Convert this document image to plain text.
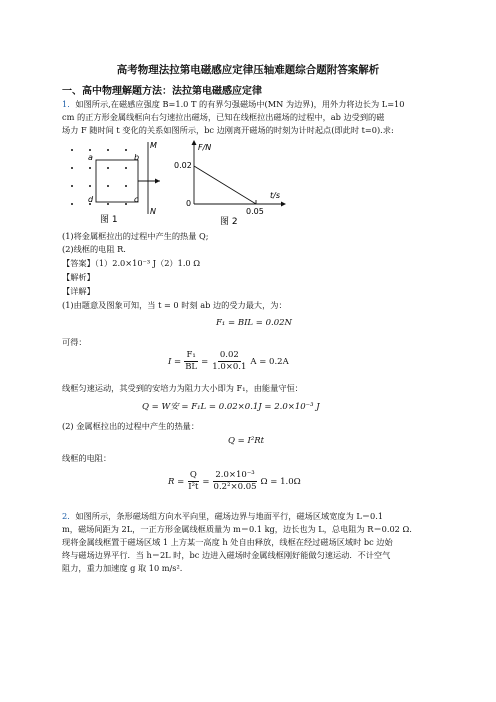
高考物理法拉第电磁感应定律压轴难题综合题附答案解析
一、高中物理解题方法：法拉第电磁感应定律
1．如图所示,在磁感应强度 B=1.0 T 的有界匀强磁场中(MN 为边界)，用外力将边长为 L=10
cm 的正方形金属线框向右匀速拉出磁场，已知在线框拉出磁场的过程中，ab 边受到的磁
场力 F 随时间 t 变化的关系如图所示，bc 边刚离开磁场的时刻为计时起点(即此时 t=0).求:
M
N
a	b
c
d
图 1
F/N
t/s
0.02
0.05
0
图 2
(1)将金属框拉出的过程中产生的热量 Q;
(2)线框的电阻 R.
【答案】（1）2.0×10⁻³ J（2）1.0 Ω
【解析】
【详解】
(1)由题意及图象可知，当 t = 0 时刻 ab 边的受力最大，为：
F₁ = BIL = 0.02N
可得：
$I = \frac{\text{F₁}}{BL} = \frac{0.02}{1.0\times 0.1}$ A = 0.2A
线框匀速运动，其受到的安培力为阻力大小即为 F₁，由能量守恒：
Q = W安 = F₁L = 0.02×0.1J = 2.0×10⁻³ J
(2) 金属框拉出的过程中产生的热量：
Q = I²Rt
线框的电阻：
$R = \frac{Q}{\text{I²t}} = \frac{\text{2.0×10⁻³}}{\text{0.2²×0.05}}$ Ω = 1.0Ω
2．如图所示，条形磁场组方向水平向里，磁场边界与地面平行，磁场区域宽度为 L＝0.1
m，磁场间距为 2L，一正方形金属线框质量为 m＝0.1 kg，边长也为 L，总电阻为 R＝0.02 Ω.
现将金属线框置于磁场区域 1 上方某一高度 h 处自由释放，线框在经过磁场区域时 bc 边始
终与磁场边界平行．当 h＝2L 时，bc 边进入磁场时金属线框刚好能做匀速运动．不计空气
阻力，重力加速度 g 取 10 m/s².
